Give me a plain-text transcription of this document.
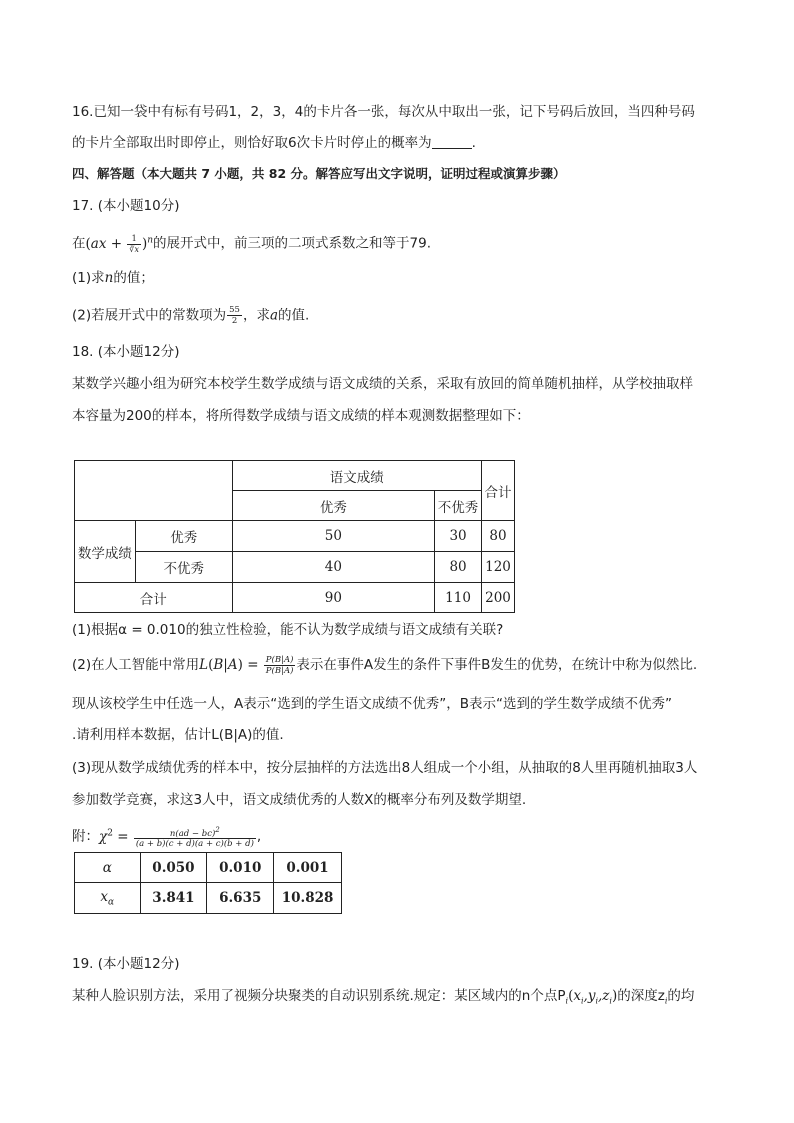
16.已知一袋中有标有号码1，2，3，4的卡片各一张，每次从中取出一张，记下号码后放回，当四种号码
的卡片全部取出时即停止，则恰好取6次卡片时停止的概率为	.
四、解答题（本大题共 7 小题，共 82 分。解答应写出文字说明，证明过程或演算步骤）
17. (本小题10分)
在$(ax + \frac{1}{∛x} )^n$的展开式中，前三项的二项式系数之和等于79.
(1)求n的值；
(2)若展开式中的常数项为 $\frac{55}{2}$ ，求a的值.
18. (本小题12分)
某数学兴趣小组为研究本校学生数学成绩与语文成绩的关系，采取有放回的简单随机抽样，从学校抽取样
本容量为200的样本，将所得数学成绩与语文成绩的样本观测数据整理如下：
		语文成绩		合计
		优秀	不优秀	
数学成绩	优秀	50	30	80
	不优秀	40	80	120
合计		90	110	200
(1)根据α = 0.010的独立性检验，能不认为数学成绩与语文成绩有关联?
(2)在人工智能中常用$L(B|A) = \frac{P(B|A)}{P(B̄|A)}$ 表示在事件A发生的条件下事件B发生的优势，在统计中称为似然比.
现从该校学生中任选一人，A表示“选到的学生语文成绩不优秀”，B表示“选到的学生数学成绩不优秀”
.请利用样本数据，估计L(B|A)的值.
(3)现从数学成绩优秀的样本中，按分层抽样的方法选出8人组成一个小组，从抽取的8人里再随机抽取3人
参加数学竞赛，求这3人中，语文成绩优秀的人数X的概率分布列及数学期望.
附：$\chi^2 = \frac{n(ad - bc)^2}{(a + b)(c + d)(a + c)(b + d)}$ ,
α	0.050	0.010	0.001
$x_\alpha$	3.841	6.635	10.828
19. (本小题12分)
某种人脸识别方法，采用了视频分块聚类的自动识别系统.规定：某区域内的n个点$P_i(x_i,y_i,z_i)$的深度$z_i$的均
